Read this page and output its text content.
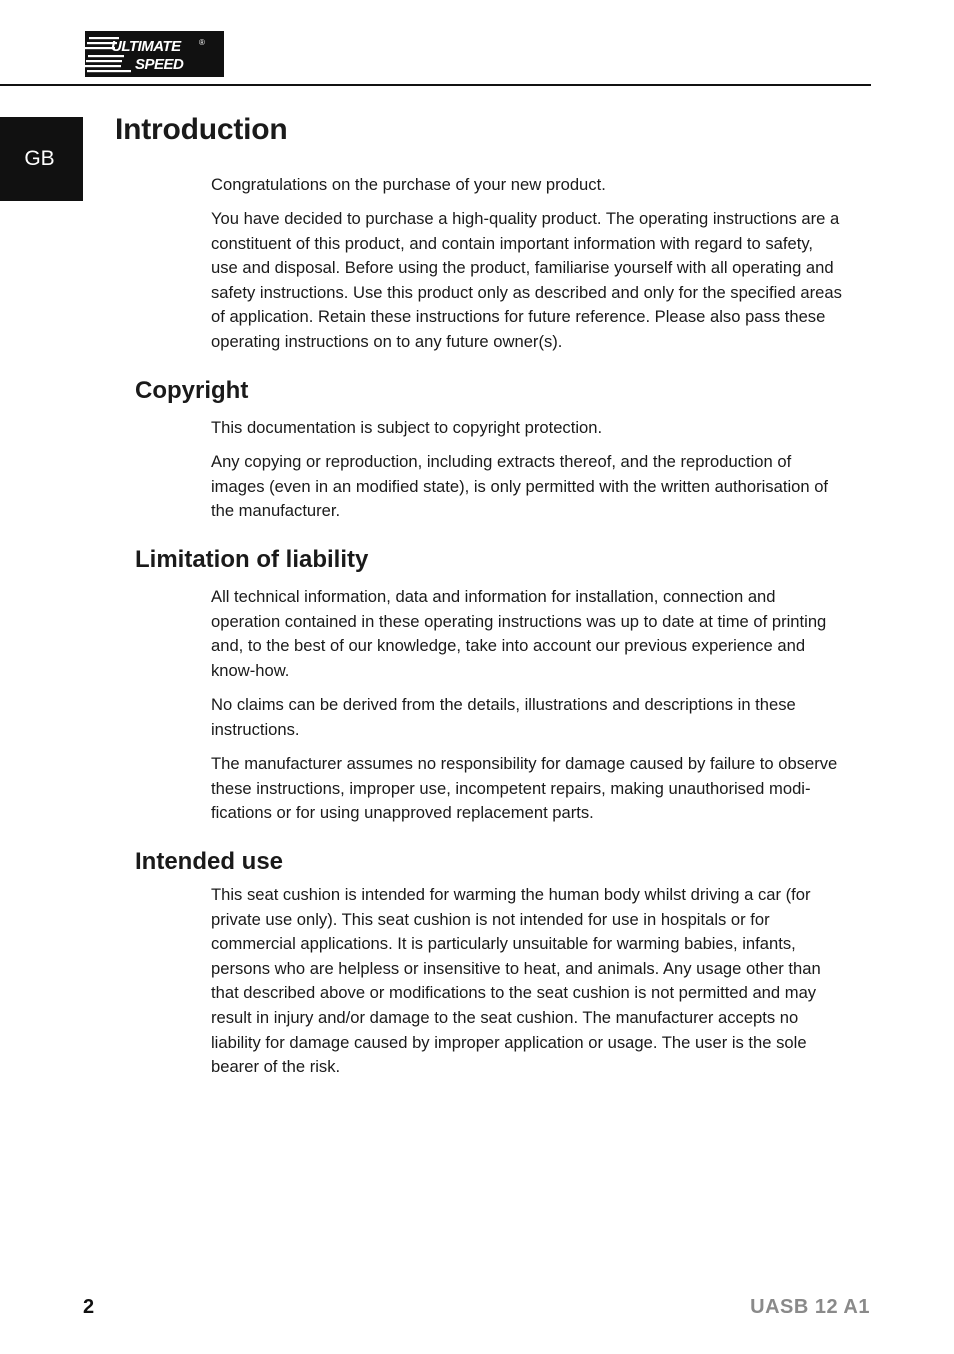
ULTIMATE ®
SPEED
GB
Introduction

Congratulations on the purchase of your new product.

You have decided to purchase a high-quality product. The operating instructions are a constituent of this product, and contain important information with regard to safety, use and disposal. Before using the product, familiarise yourself with all operating and safety instructions. Use this product only as described and only for the specified areas of application. Retain these instructions for future reference. Please also pass these operating instructions on to any future owner(s).

Copyright

This documentation is subject to copyright protection.

Any copying or reproduction, including extracts thereof, and the reproduction of images (even in an modified state), is only permitted with the written authorisation of the manufacturer.

Limitation of liability

All technical information, data and information for installation, connection and operation contained in these operating instructions was up to date at time of printing and, to the best of our knowledge, take into account our previous experience and know-how.

No claims can be derived from the details, illustrations and descriptions in these instructions.

The manufacturer assumes no responsibility for damage caused by failure to observe these instructions, improper use, incompetent repairs, making unauthorised modifications or for using unapproved replacement parts.

Intended use

This seat cushion is intended for warming the human body whilst driving a car (for private use only). This seat cushion is not intended for use in hospitals or for commercial applications. It is particularly unsuitable for warming babies, infants, persons who are helpless or insensitive to heat, and animals. Any usage other than that described above or modifications to the seat cushion is not permitted and may result in injury and/or damage to the seat cushion. The manufacturer accepts no liability for damage caused by improper application or usage. The user is the sole bearer of the risk.

2	UASB 12 A1
